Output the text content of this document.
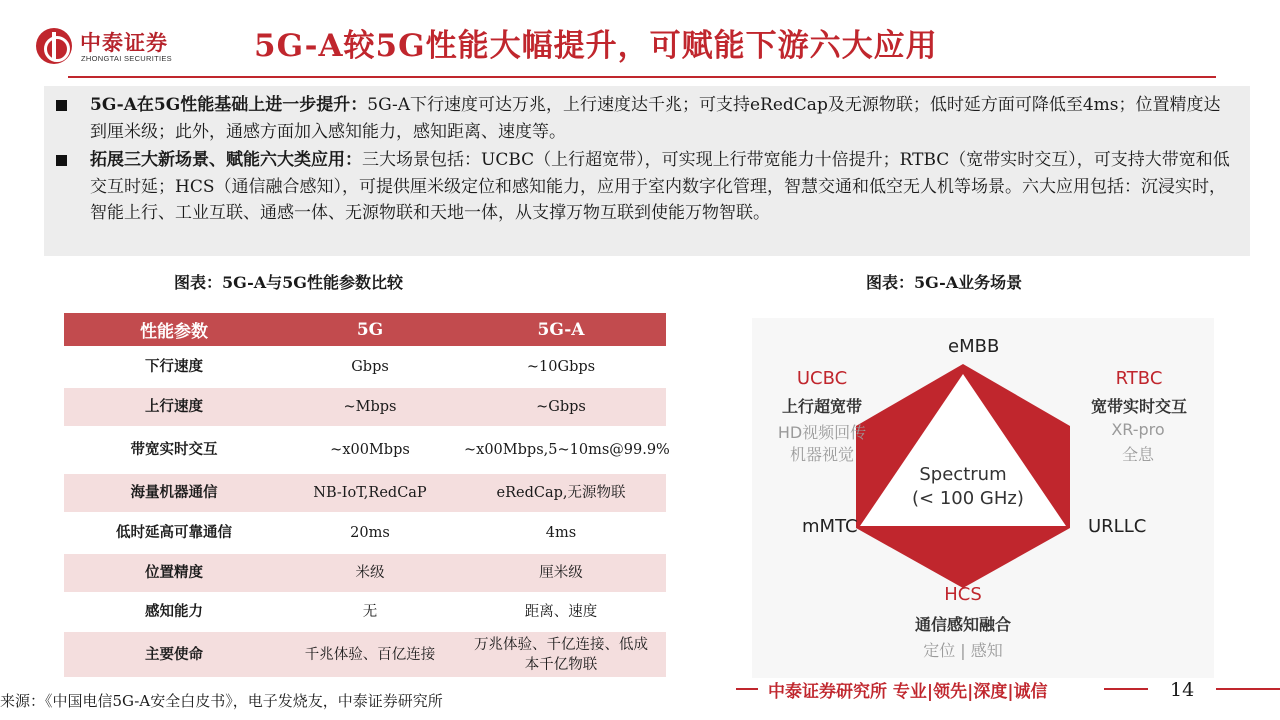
中泰证券
ZHONGTAI SECURITIES	5G-A较5G性能大幅提升，可赋能下游六大应用
5G-A在5G性能基础上进一步提升：5G-A下行速度可达万兆，上行速度达千兆；可支持eRedCap及无源物联；低时延方面可降低至4ms；位置精度达到厘米级；此外，通感方面加入感知能力，感知距离、速度等。
拓展三大新场景、赋能六大类应用：三大场景包括：UCBC（上行超宽带），可实现上行带宽能力十倍提升；RTBC（宽带实时交互），可支持大带宽和低交互时延；HCS（通信融合感知），可提供厘米级定位和感知能力，应用于室内数字化管理，智慧交通和低空无人机等场景。六大应用包括：沉浸实时，智能上行、工业互联、通感一体、无源物联和天地一体，从支撑万物互联到使能万物智联。
图表：5G-A与5G性能参数比较	图表：5G-A业务场景
性能参数	5G	5G-A
下行速度	Gbps	~10Gbps
上行速度	~Mbps	~Gbps
带宽实时交互	~x00Mbps	~x00Mbps,5~10ms@99.9%
海量机器通信	NB-IoT,RedCaP	eRedCap,无源物联
低时延高可靠通信	20ms	4ms
位置精度	米级	厘米级
感知能力	无	距离、速度
主要使命	千兆体验、百亿连接	万兆体验、千亿连接、低成本千亿物联
eMBB
mMTC	URLLC
Spectrum
(< 100 GHz)
UCBC
上行超宽带
HD视频回传
机器视觉
RTBC
宽带实时交互
XR-pro
全息
HCS
通信感知融合
定位 | 感知
来源：《中国电信5G-A安全白皮书》，电子发烧友，中泰证券研究所	中泰证券研究所 专业|领先|深度|诚信	14
